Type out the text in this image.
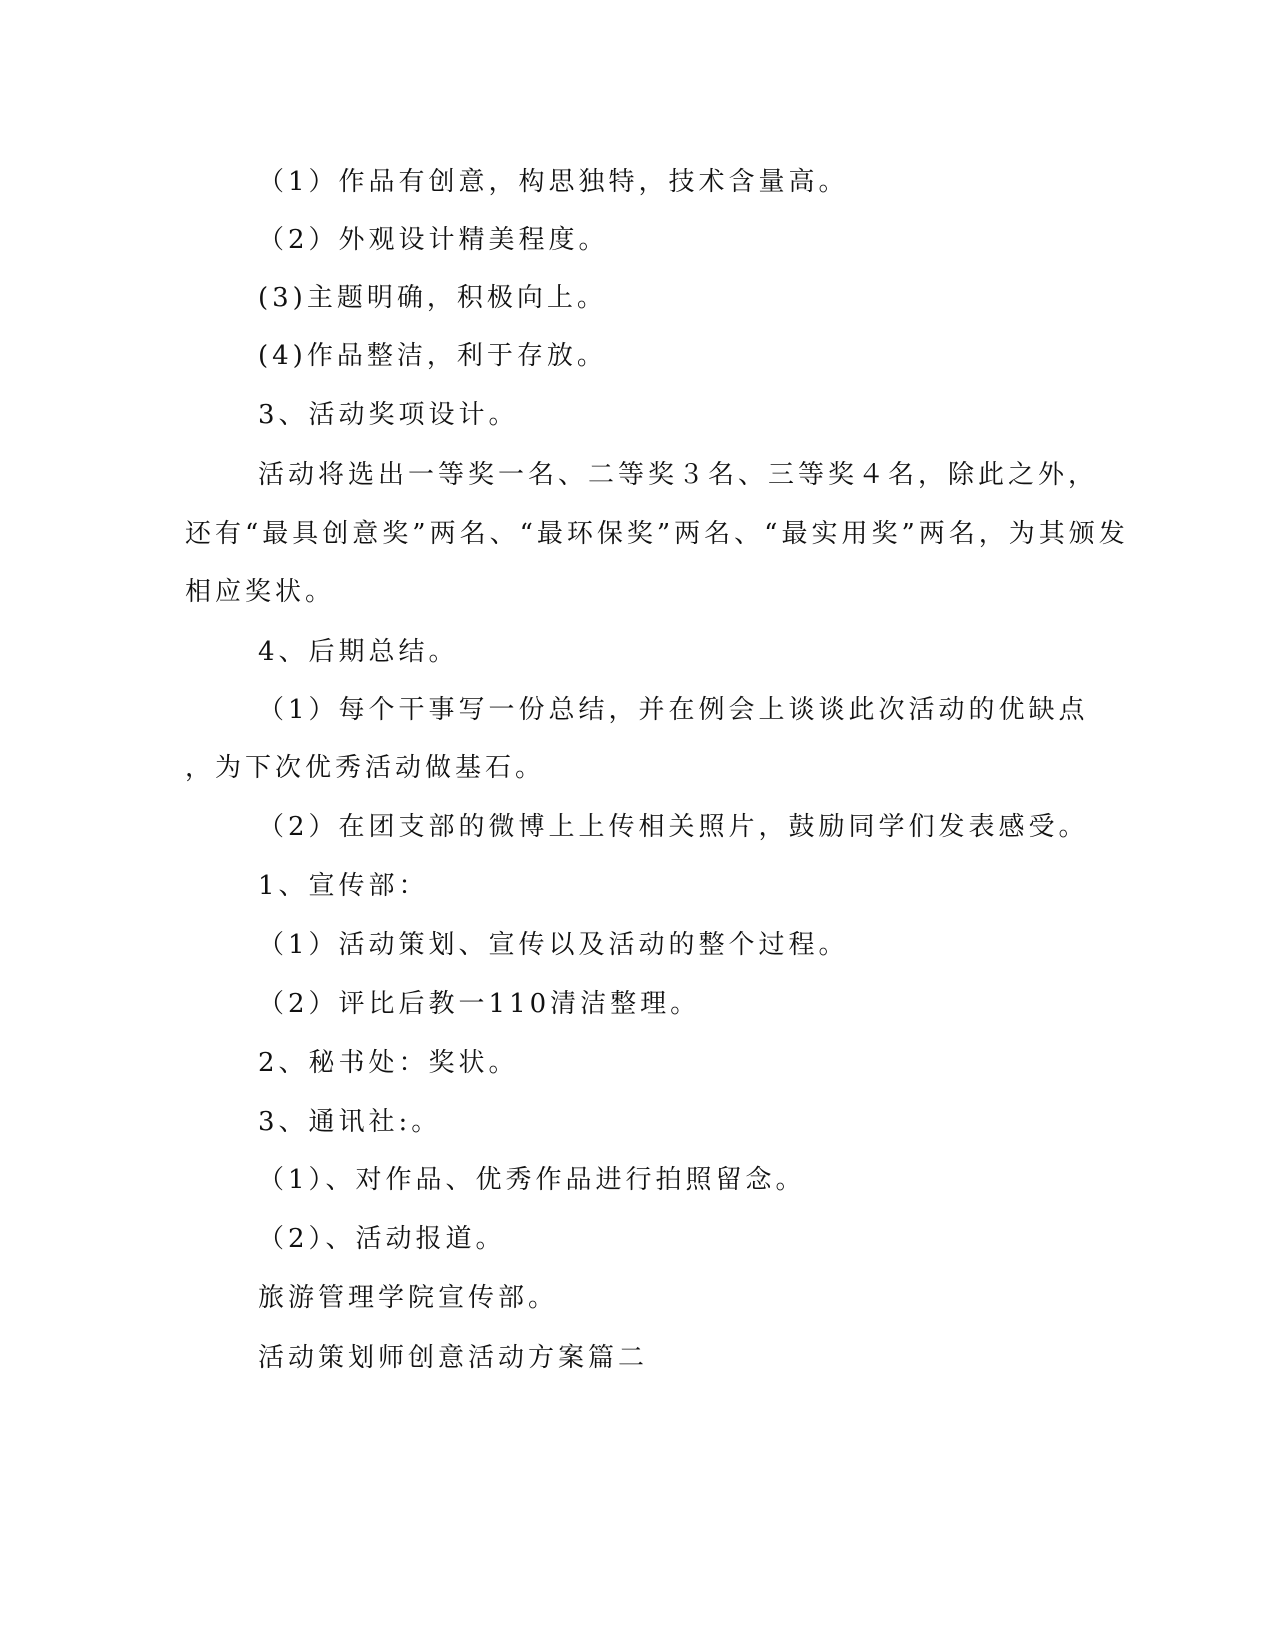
（1）作品有创意，构思独特，技术含量高。
（2）外观设计精美程度。
(3)主题明确，积极向上。
(4)作品整洁，利于存放。
3、活动奖项设计。
活动将选出一等奖一名、二等奖３名、三等奖４名，除此之外，
还有“最具创意奖”两名、“最环保奖”两名、“最实用奖”两名，为其颁发
相应奖状。
4、后期总结。
（1）每个干事写一份总结，并在例会上谈谈此次活动的优缺点
，为下次优秀活动做基石。
（2）在团支部的微博上上传相关照片，鼓励同学们发表感受。
1、宣传部：
（1）活动策划、宣传以及活动的整个过程。
（2）评比后教一110清洁整理。
2、秘书处：奖状。
3、通讯社:。
（1）、对作品、优秀作品进行拍照留念。
（2）、活动报道。
旅游管理学院宣传部。
活动策划师创意活动方案篇二
